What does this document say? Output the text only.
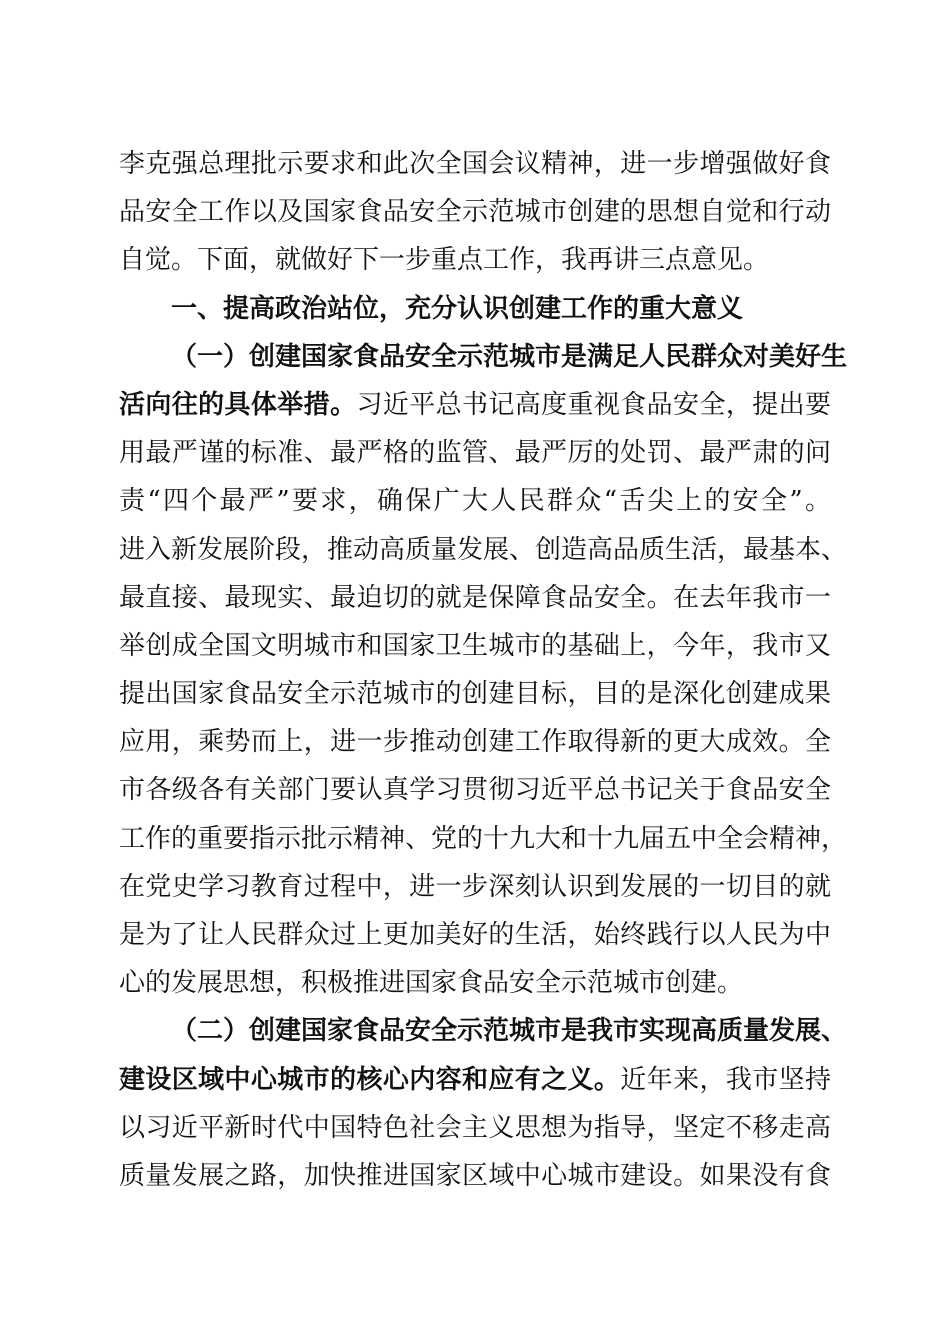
李克强总理批示要求和此次全国会议精神，进一步增强做好食
品安全工作以及国家食品安全示范城市创建的思想自觉和行动
自觉。下面，就做好下一步重点工作，我再讲三点意见。
一、提高政治站位，充分认识创建工作的重大意义
（一）创建国家食品安全示范城市是满足人民群众对美好生
活向往的具体举措。习近平总书记高度重视食品安全，提出要
用最严谨的标准、最严格的监管、最严厉的处罚、最严肃的问
责“四个最严”要求，确保广大人民群众“舌尖上的安全”。
进入新发展阶段，推动高质量发展、创造高品质生活，最基本、
最直接、最现实、最迫切的就是保障食品安全。在去年我市一
举创成全国文明城市和国家卫生城市的基础上，今年，我市又
提出国家食品安全示范城市的创建目标，目的是深化创建成果
应用，乘势而上，进一步推动创建工作取得新的更大成效。全
市各级各有关部门要认真学习贯彻习近平总书记关于食品安全
工作的重要指示批示精神、党的十九大和十九届五中全会精神，
在党史学习教育过程中，进一步深刻认识到发展的一切目的就
是为了让人民群众过上更加美好的生活，始终践行以人民为中
心的发展思想，积极推进国家食品安全示范城市创建。
（二）创建国家食品安全示范城市是我市实现高质量发展、
建设区域中心城市的核心内容和应有之义。近年来，我市坚持
以习近平新时代中国特色社会主义思想为指导，坚定不移走高
质量发展之路，加快推进国家区域中心城市建设。如果没有食
